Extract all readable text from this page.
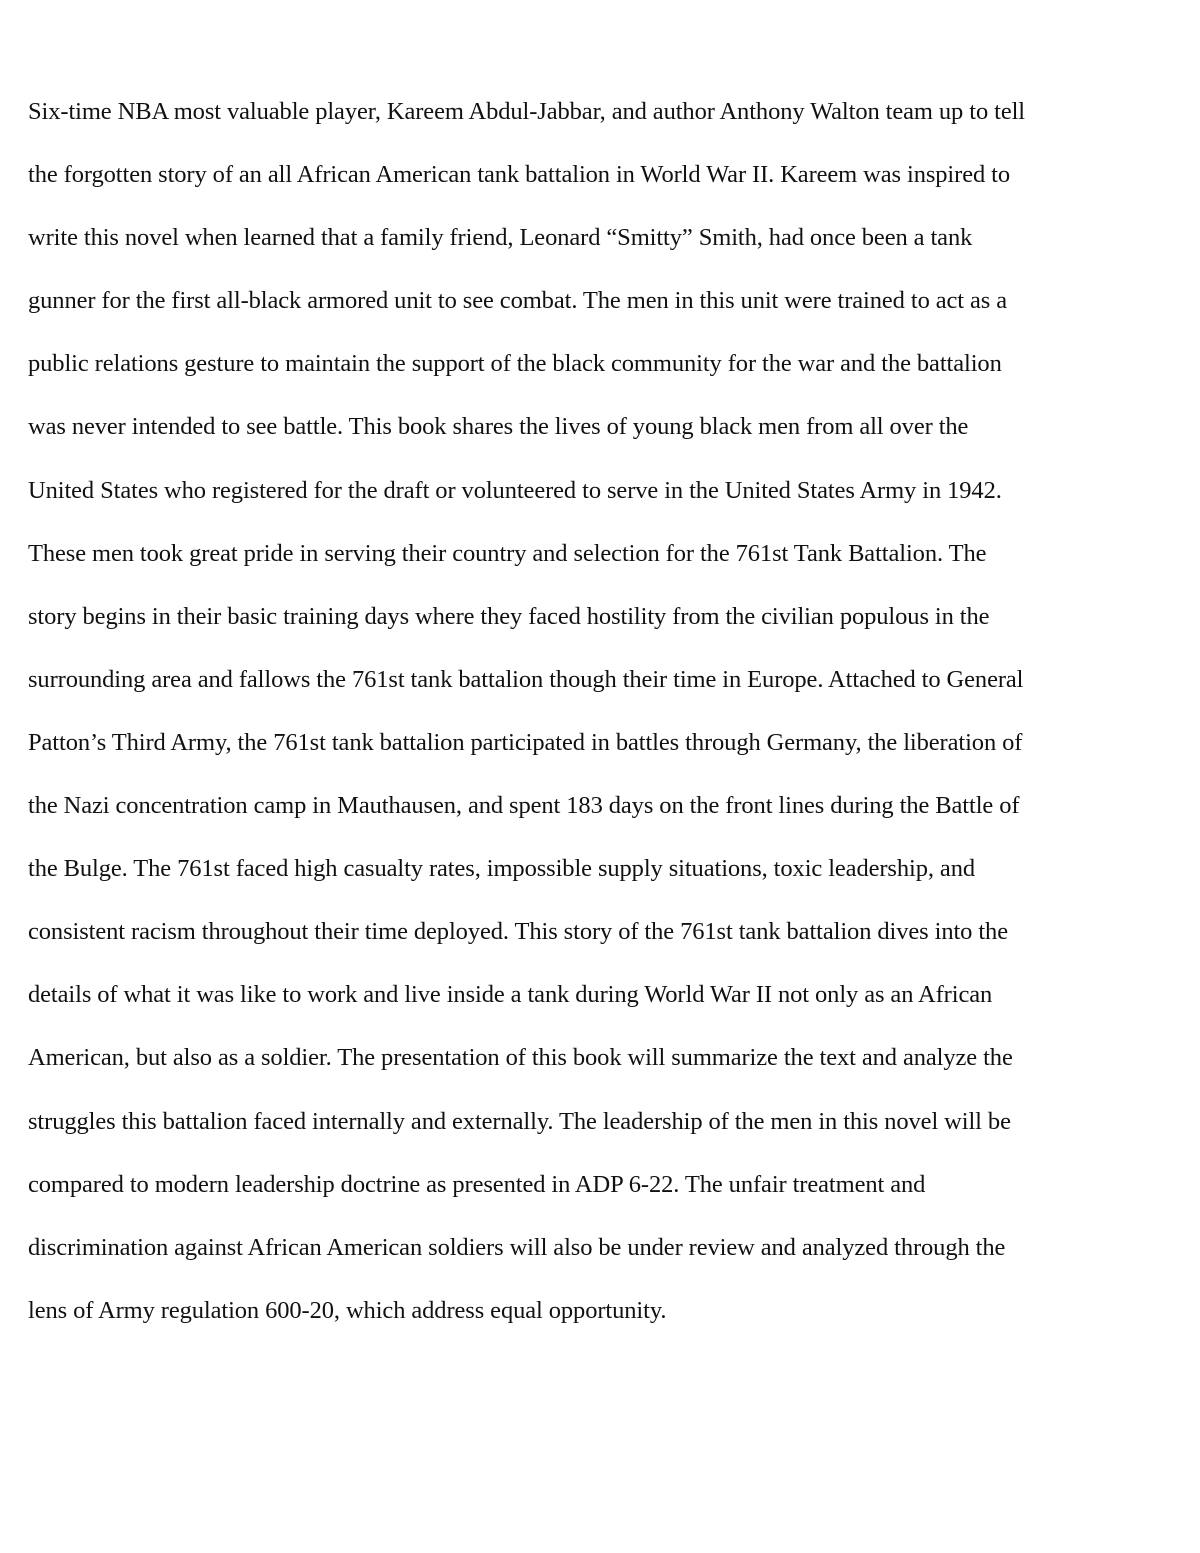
Six-time NBA most valuable player, Kareem Abdul-Jabbar, and author Anthony Walton team up to tell
the forgotten story of an all African American tank battalion in World War II. Kareem was inspired to
write this novel when learned that a family friend, Leonard “Smitty” Smith, had once been a tank
gunner for the first all-black armored unit to see combat. The men in this unit were trained to act as a
public relations gesture to maintain the support of the black community for the war and the battalion
was never intended to see battle. This book shares the lives of young black men from all over the
United States who registered for the draft or volunteered to serve in the United States Army in 1942.
These men took great pride in serving their country and selection for the 761st Tank Battalion. The
story begins in their basic training days where they faced hostility from the civilian populous in the
surrounding area and fallows the 761st tank battalion though their time in Europe. Attached to General
Patton’s Third Army, the 761st tank battalion participated in battles through Germany, the liberation of
the Nazi concentration camp in Mauthausen, and spent 183 days on the front lines during the Battle of
the Bulge. The 761st faced high casualty rates, impossible supply situations, toxic leadership, and
consistent racism throughout their time deployed. This story of the 761st tank battalion dives into the
details of what it was like to work and live inside a tank during World War II not only as an African
American, but also as a soldier. The presentation of this book will summarize the text and analyze the
struggles this battalion faced internally and externally. The leadership of the men in this novel will be
compared to modern leadership doctrine as presented in ADP 6-22. The unfair treatment and
discrimination against African American soldiers will also be under review and analyzed through the
lens of Army regulation 600-20, which address equal opportunity.
